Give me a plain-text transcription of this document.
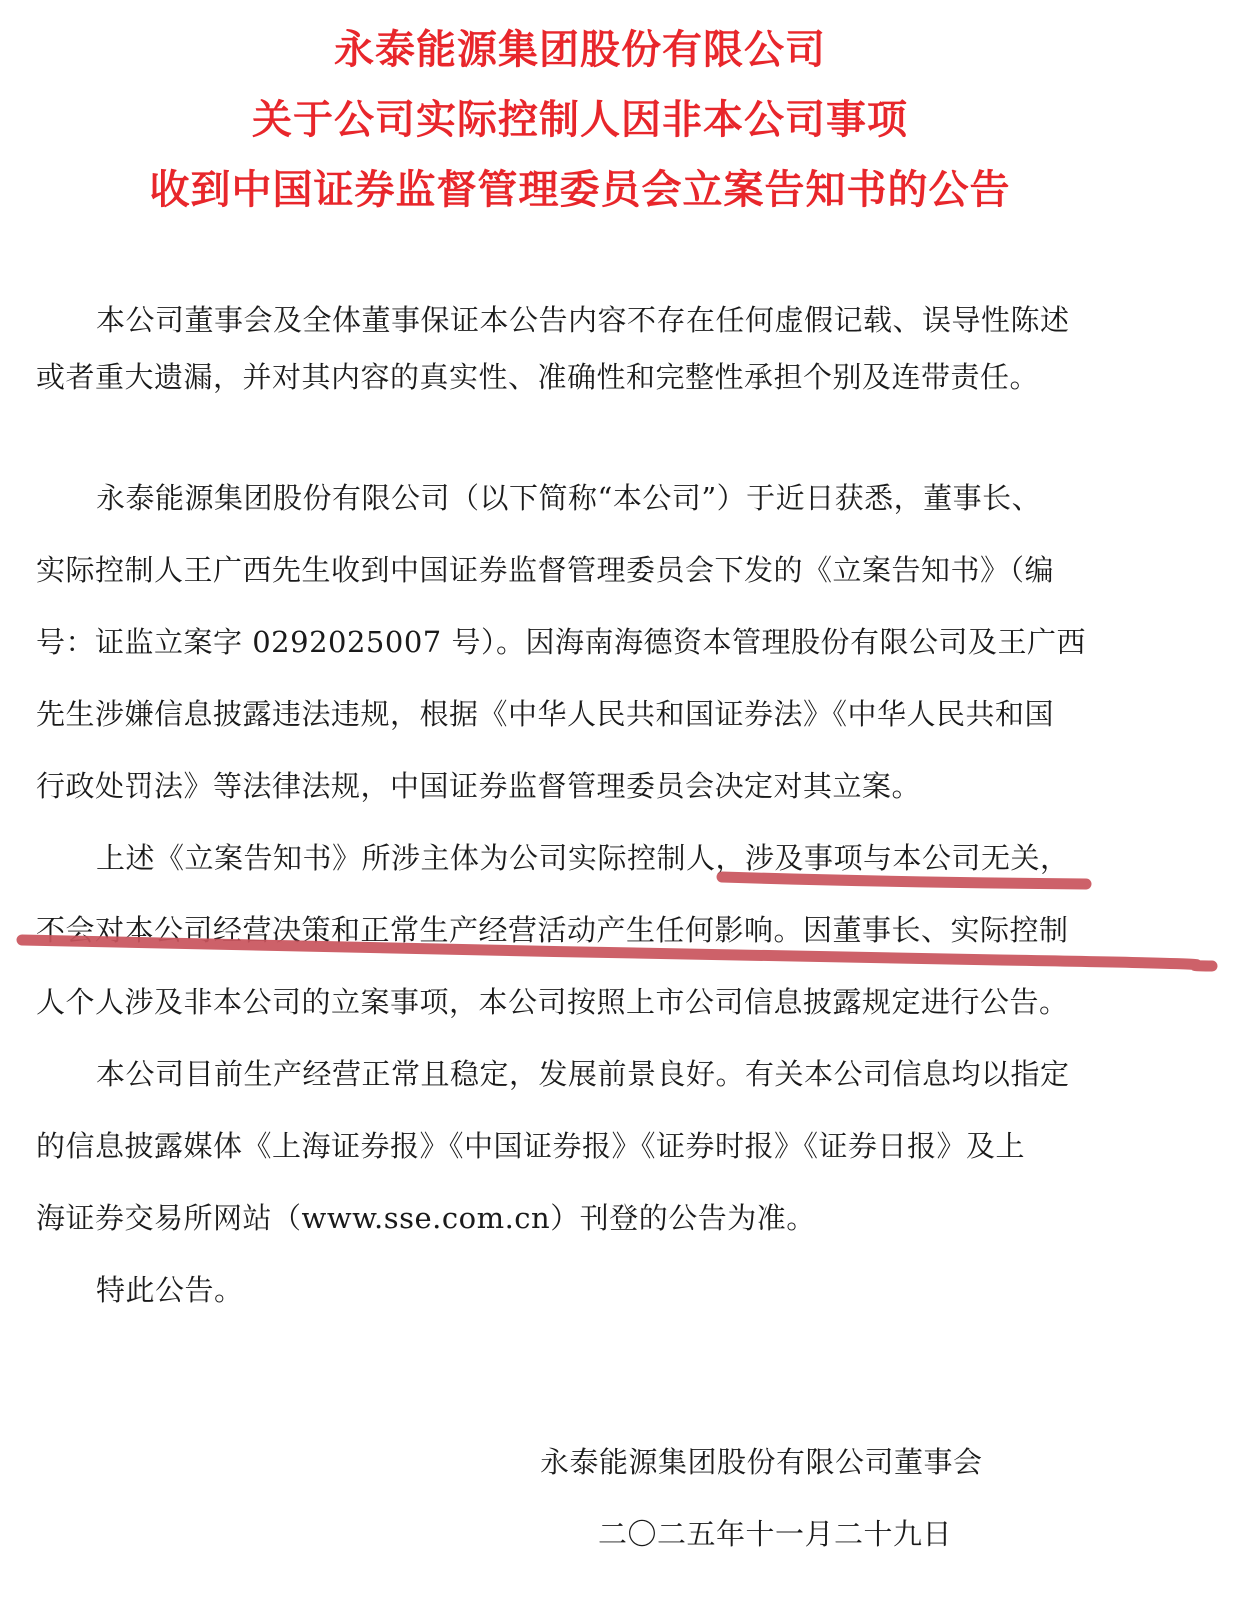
永泰能源集团股份有限公司
关于公司实际控制人因非本公司事项
收到中国证券监督管理委员会立案告知书的公告
本公司董事会及全体董事保证本公告内容不存在任何虚假记载、误导性陈述
或者重大遗漏，并对其内容的真实性、准确性和完整性承担个别及连带责任。
永泰能源集团股份有限公司（以下简称“本公司”）于近日获悉，董事长、
实际控制人王广西先生收到中国证券监督管理委员会下发的《立案告知书》（编
号：证监立案字 0292025007 号）。因海南海德资本管理股份有限公司及王广西
先生涉嫌信息披露违法违规，根据《中华人民共和国证券法》《中华人民共和国
行政处罚法》等法律法规，中国证券监督管理委员会决定对其立案。
上述《立案告知书》所涉主体为公司实际控制人，涉及事项与本公司无关，
不会对本公司经营决策和正常生产经营活动产生任何影响。因董事长、实际控制
人个人涉及非本公司的立案事项，本公司按照上市公司信息披露规定进行公告。
本公司目前生产经营正常且稳定，发展前景良好。有关本公司信息均以指定
的信息披露媒体《上海证券报》《中国证券报》《证券时报》《证券日报》及上
海证券交易所网站（www.sse.com.cn）刊登的公告为准。
特此公告。
永泰能源集团股份有限公司董事会
二〇二五年十一月二十九日
